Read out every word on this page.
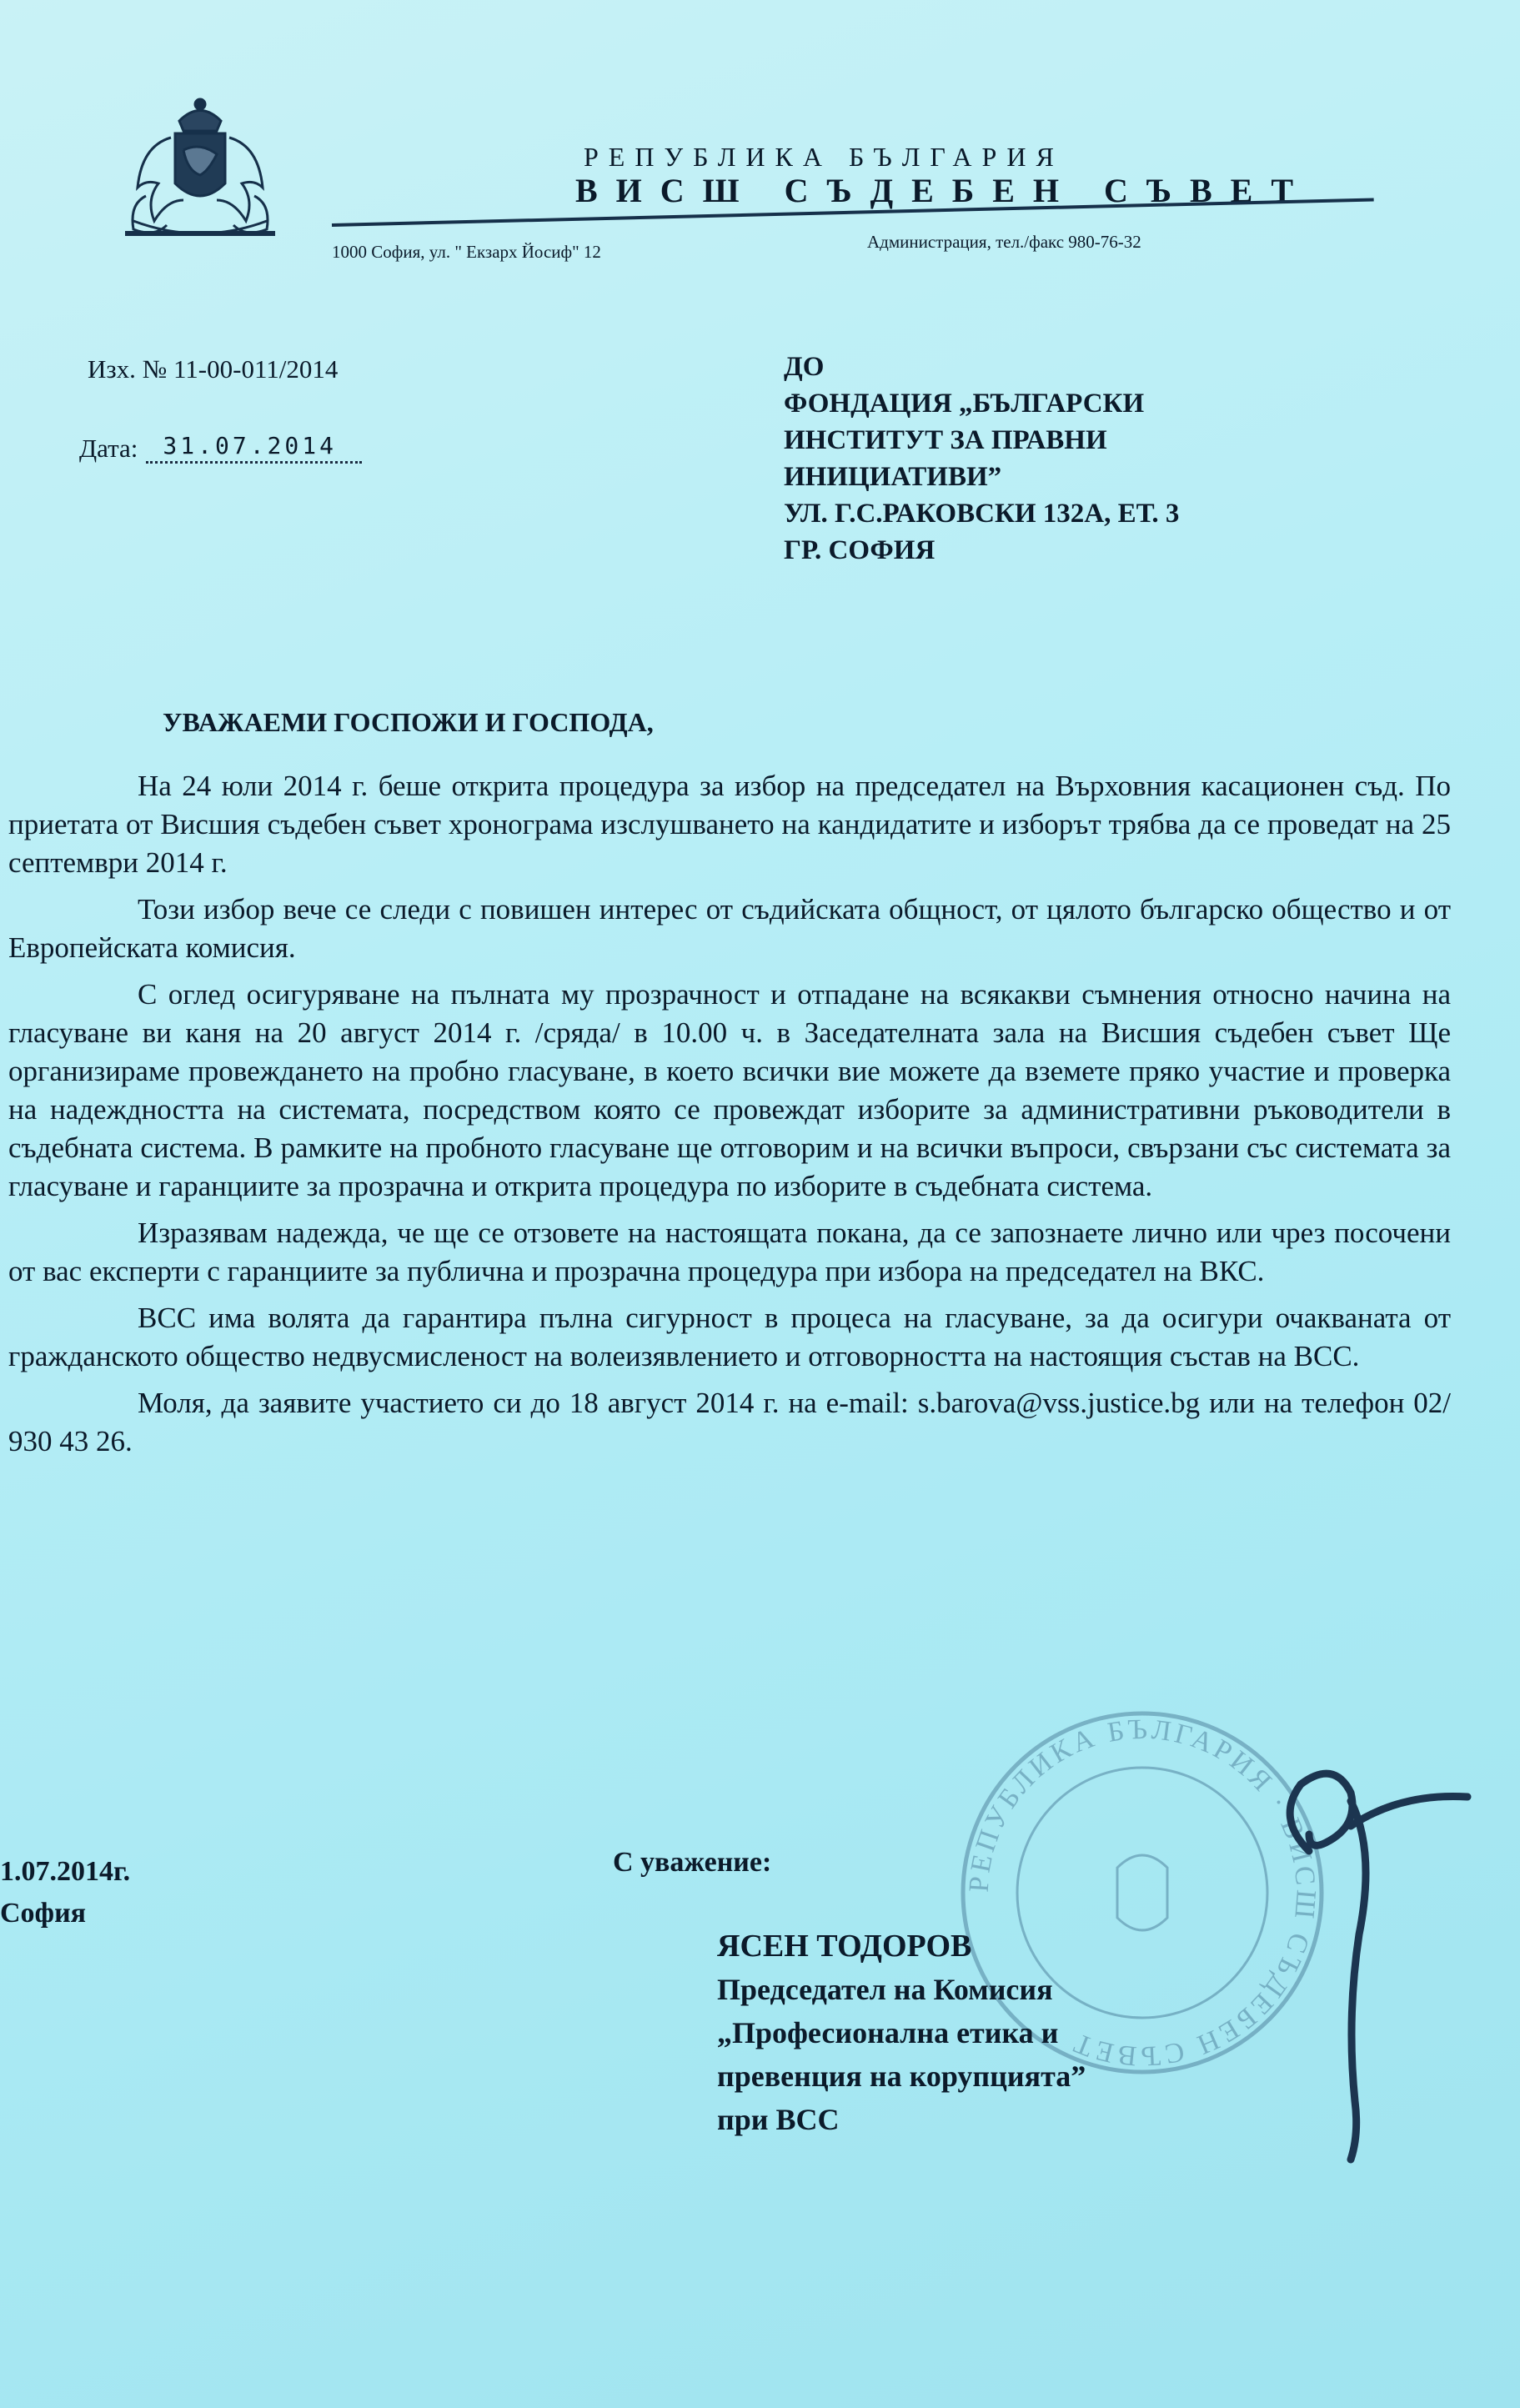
РЕПУБЛИКА БЪЛГАРИЯ
ВИСШ СЪДЕБЕН СЪВЕТ
1000 София, ул. " Екзарх Йосиф" 12	Администрация, тел./факс 980-76-32
Изх. № 11-00-011/2014
Дата:	31.07.2014
ДО
ФОНДАЦИЯ „БЪЛГАРСКИ
ИНСТИТУТ ЗА ПРАВНИ
ИНИЦИАТИВИ”
УЛ. Г.С.РАКОВСКИ 132А, ЕТ. 3
ГР. СОФИЯ
УВАЖАЕМИ ГОСПОЖИ И ГОСПОДА,

На 24 юли 2014 г. беше открита процедура за избор на председател на Върховния касационен съд. По приетата от Висшия съдебен съвет хронограма изслушването на кандидатите и изборът трябва да се проведат на 25 септември 2014 г.

Този избор вече се следи с повишен интерес от съдийската общност, от цялото българско общество и от Европейската комисия.

С оглед осигуряване на пълната му прозрачност и отпадане на всякакви съмнения относно начина на гласуване ви каня на 20 август 2014 г. /сряда/ в 10.00 ч. в Заседателната зала на Висшия съдебен съвет Ще организираме провеждането на пробно гласуване, в което всички вие можете да вземете пряко участие и проверка на надеждността на системата, посредством която се провеждат изборите за административни ръководители в съдебната система. В рамките на пробното гласуване ще отговорим и на всички въпроси, свързани със системата за гласуване и гаранциите за прозрачна и открита процедура по изборите в съдебната система.

Изразявам надежда, че ще се отзовете на настоящата покана, да се запознаете лично или чрез посочени от вас експерти с гаранциите за публична и прозрачна процедура при избора на председател на ВКС.

ВСС има волята да гарантира пълна сигурност в процеса на гласуване, за да осигури очакваната от гражданското общество недвусмисленост на волеизявлението и отговорността на настоящия състав на ВСС.

Моля, да заявите участието си до 18 август 2014 г. на e-mail: s.barova@vss.justice.bg или на телефон 02/ 930 43 26.

РЕПУБЛИКА БЪЛГАРИЯ · ВИСШ СЪДЕБЕН СЪВЕТ
1.07.2014г.
София
С уважение:
ЯСЕН ТОДОРОВ
Председател на Комисия
„Професионална етика и
превенция на корупцията”
при ВСС
